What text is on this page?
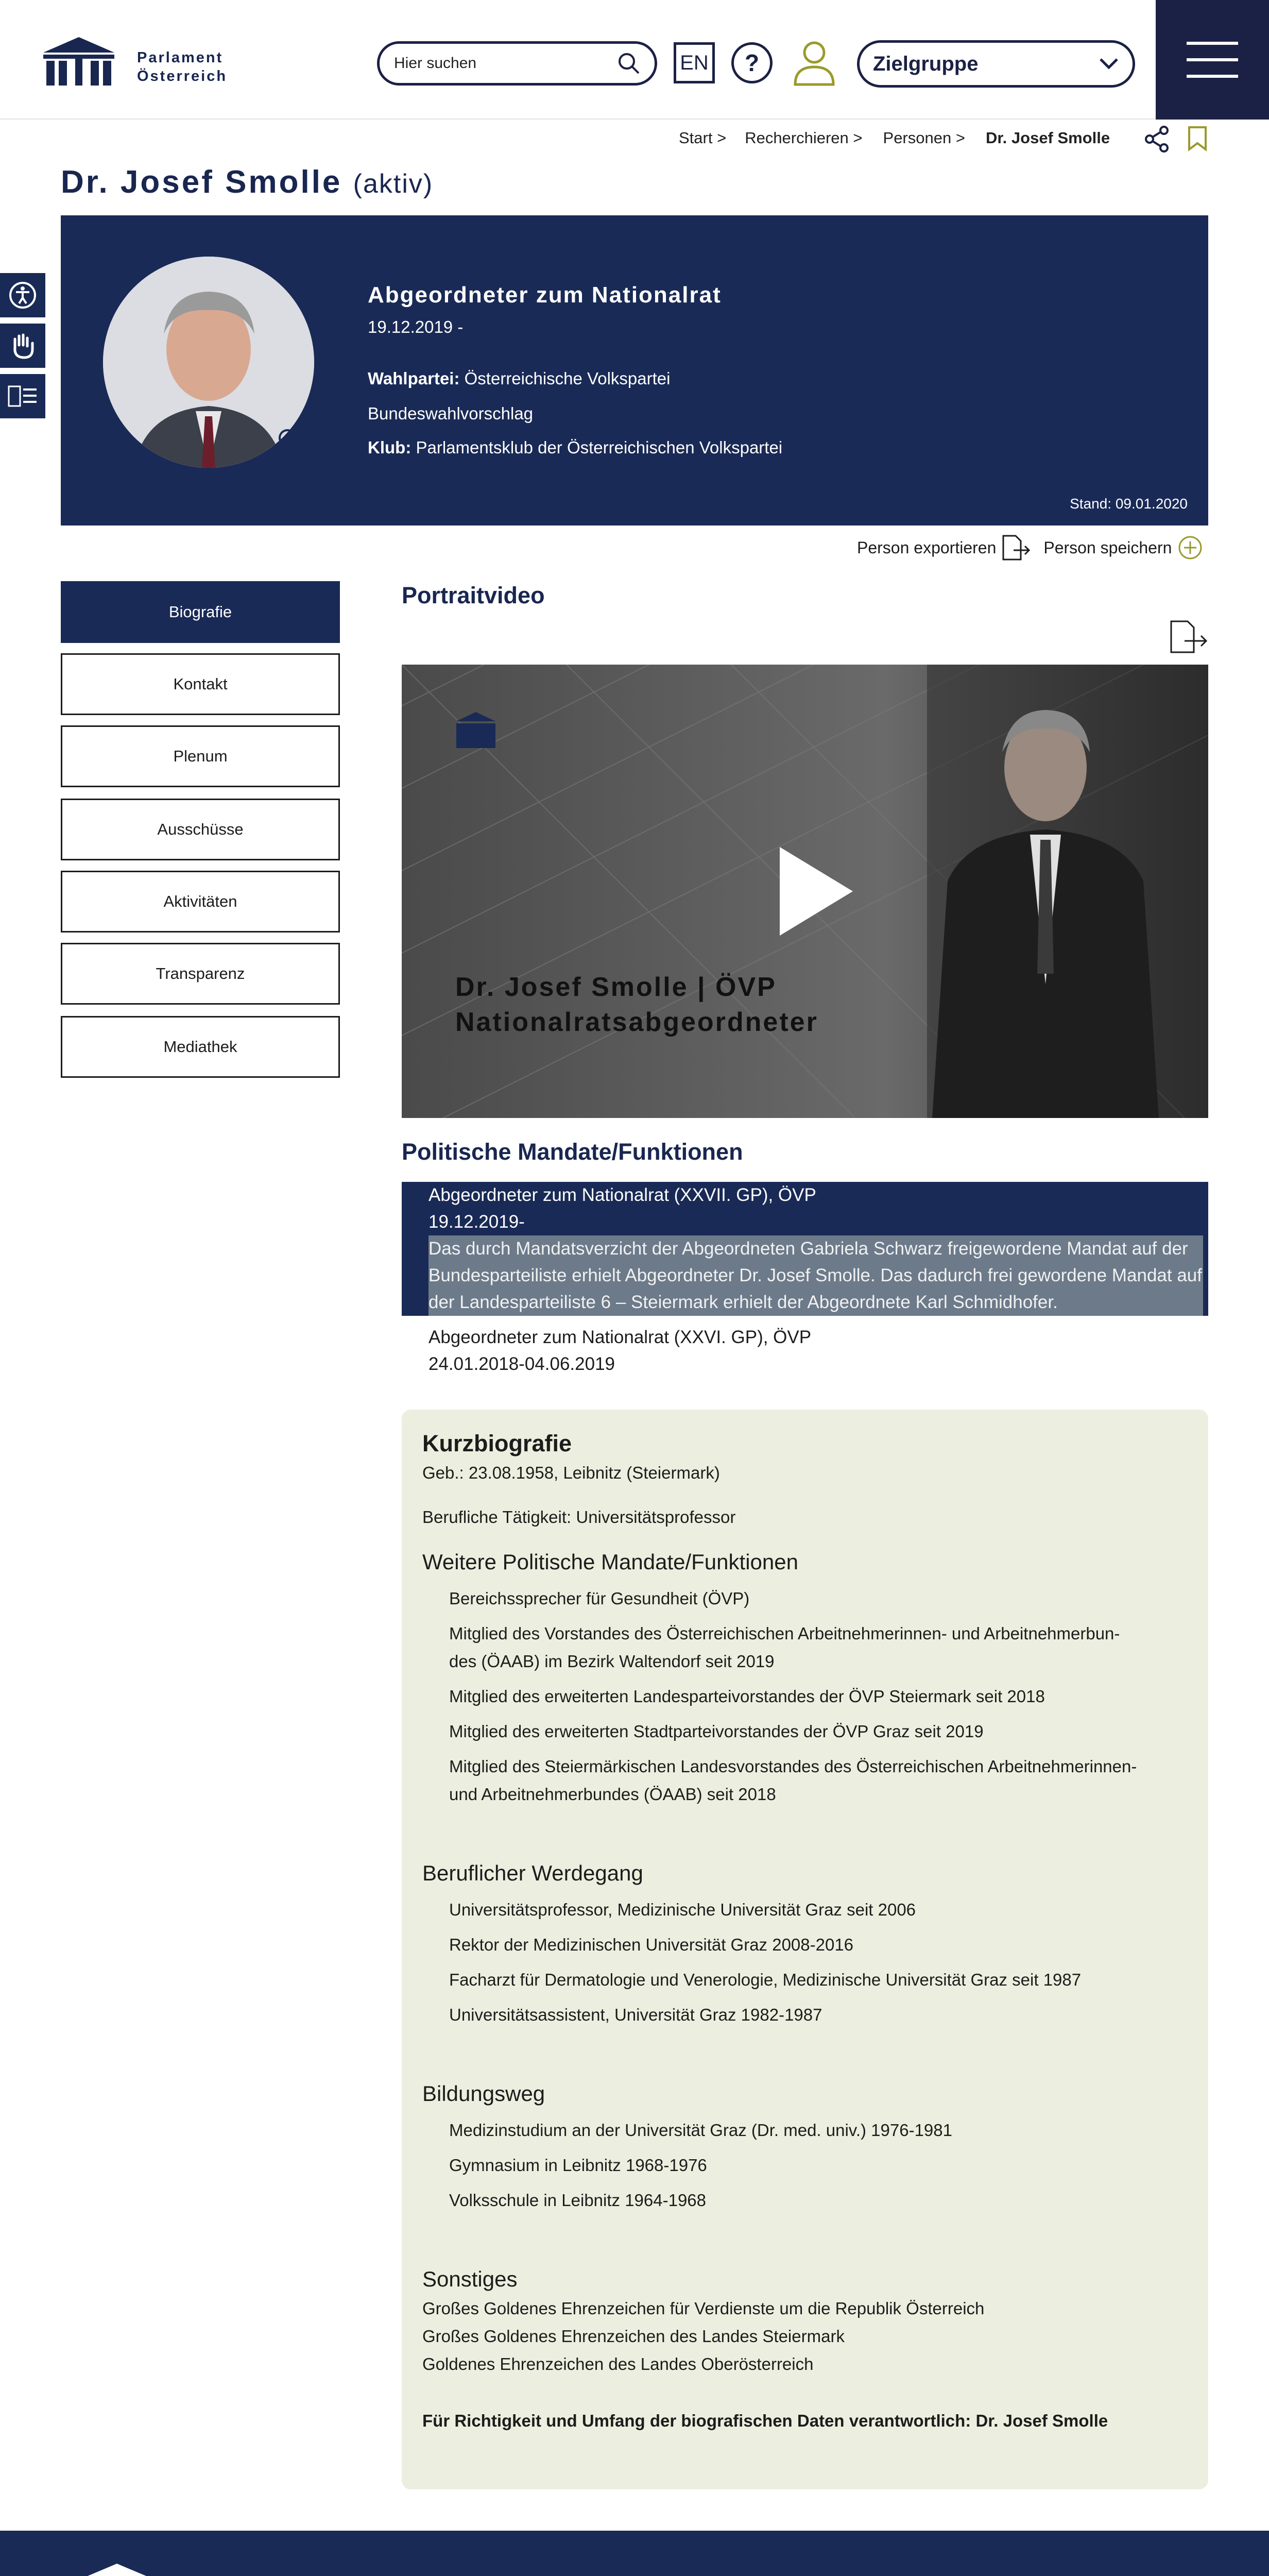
Parlament
Österreich
Hier suchen	EN ?	Zielgruppe
Start > Recherchieren > Personen > Dr. Josef Smolle
Dr. Josef Smolle (aktiv)
Abgeordneter zum Nationalrat
19.12.2019 -
Wahlpartei: Österreichische Volkspartei
Bundeswahlvorschlag
Klub: Parlamentsklub der Österreichischen Volkspartei
Stand: 09.01.2020
Person exportieren	Person speichern
Biografie
Kontakt
Plenum
Ausschüsse
Aktivitäten
Transparenz
Mediathek
Portraitvideo
Dr. Josef Smolle | ÖVP
Nationalratsabgeordneter
Politische Mandate/Funktionen
Abgeordneter zum Nationalrat (XXVII. GP), ÖVP
19.12.2019-
Das durch Mandatsverzicht der Abgeordneten Gabriela Schwarz freigewordene Mandat auf der
Bundesparteiliste erhielt Abgeordneter Dr. Josef Smolle. Das dadurch frei gewordene Mandat auf
der Landesparteiliste 6 – Steiermark erhielt der Abgeordnete Karl Schmidhofer.
Abgeordneter zum Nationalrat (XXVI. GP), ÖVP
24.01.2018-04.06.2019
Kurzbiografie
Geb.: 23.08.1958, Leibnitz (Steiermark)
Berufliche Tätigkeit: Universitätsprofessor
Weitere Politische Mandate/Funktionen
Bereichssprecher für Gesundheit (ÖVP)
Mitglied des Vorstandes des Österreichischen Arbeitnehmerinnen- und Arbeitnehmerbun-
des (ÖAAB) im Bezirk Waltendorf seit 2019
Mitglied des erweiterten Landesparteivorstandes der ÖVP Steiermark seit 2018
Mitglied des erweiterten Stadtparteivorstandes der ÖVP Graz seit 2019
Mitglied des Steiermärkischen Landesvorstandes des Österreichischen Arbeitnehmerinnen-
und Arbeitnehmerbundes (ÖAAB) seit 2018
Beruflicher Werdegang
Universitätsprofessor, Medizinische Universität Graz seit 2006
Rektor der Medizinischen Universität Graz 2008-2016
Facharzt für Dermatologie und Venerologie, Medizinische Universität Graz seit 1987
Universitätsassistent, Universität Graz 1982-1987
Bildungsweg
Medizinstudium an der Universität Graz (Dr. med. univ.) 1976-1981
Gymnasium in Leibnitz 1968-1976
Volksschule in Leibnitz 1964-1968
Sonstiges
Großes Goldenes Ehrenzeichen für Verdienste um die Republik Österreich
Großes Goldenes Ehrenzeichen des Landes Steiermark
Goldenes Ehrenzeichen des Landes Oberösterreich
Für Richtigkeit und Umfang der biografischen Daten verantwortlich: Dr. Josef Smolle
